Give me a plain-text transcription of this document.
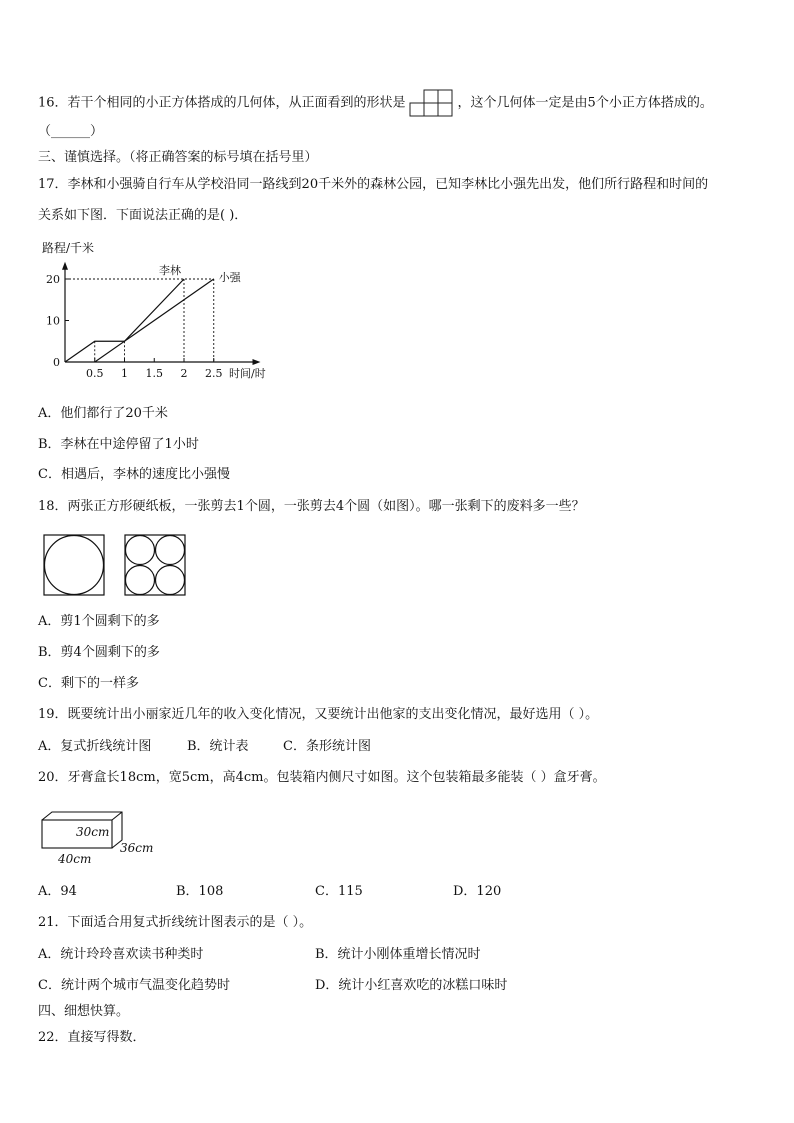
16．若干个相同的小正方体搭成的几何体，从正面看到的形状是	，这个几何体一定是由5个小正方体搭成的。
（______）
三、谨慎选择。（将正确答案的标号填在括号里）
17．李林和小强骑自行车从学校沿同一路线到20千米外的森林公园，已知李林比小强先出发，他们所行路程和时间的
关系如下图．下面说法正确的是( )．
路程/千米
时间/时
0
10
20
0.5 1 1.5 2 2.5
李林
小强
A．他们都行了20千米
B．李林在中途停留了1小时
C．相遇后，李林的速度比小强慢
18．两张正方形硬纸板，一张剪去1个圆，一张剪去4个圆（如图）。哪一张剩下的废料多一些？
A．剪1个圆剩下的多
B．剪4个圆剩下的多
C．剩下的一样多
19．既要统计出小丽家近几年的收入变化情况，又要统计出他家的支出变化情况，最好选用（ ）。
A．复式折线统计图	B．统计表	C．条形统计图
20．牙膏盒长18cm，宽5cm，高4cm。包装箱内侧尺寸如图。这个包装箱最多能装（ ）盒牙膏。
30cm
36cm
40cm
A．94	B．108	C．115	D．120
21．下面适合用复式折线统计图表示的是（ ）。
A．统计玲玲喜欢读书种类时	B．统计小刚体重增长情况时
C．统计两个城市气温变化趋势时	D．统计小红喜欢吃的冰糕口味时
四、细想快算。
22．直接写得数．
